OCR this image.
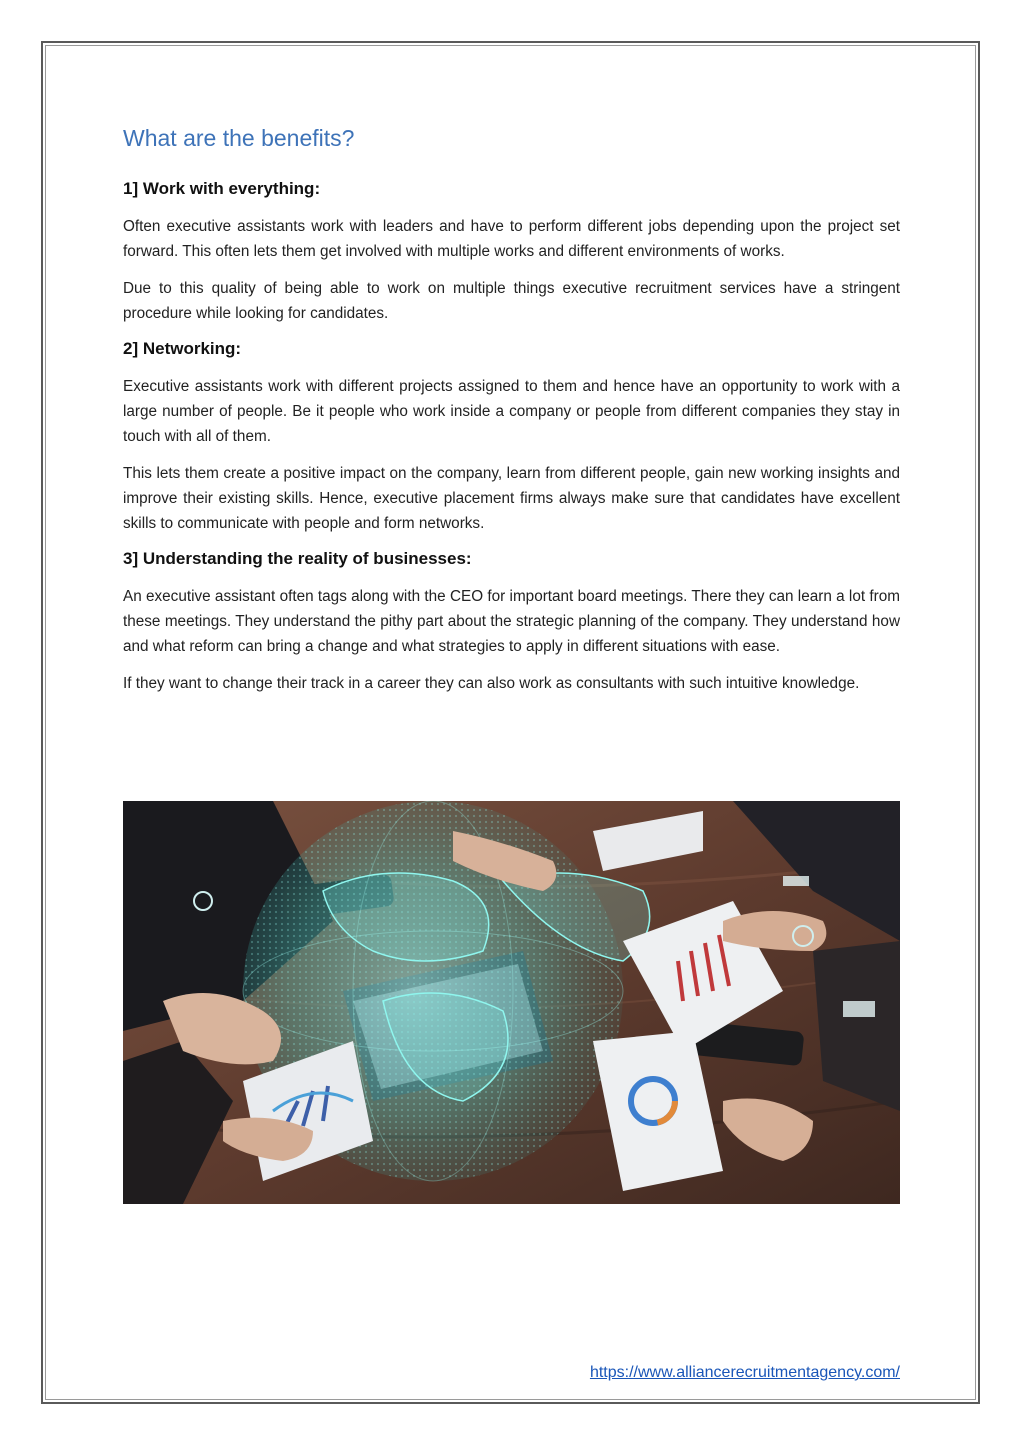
What are the benefits?
1] Work with everything:

Often executive assistants work with leaders and have to perform different jobs depending upon the project set forward. This often lets them get involved with multiple works and different environments of works.

Due to this quality of being able to work on multiple things executive recruitment services have a stringent procedure while looking for candidates.

2] Networking:

Executive assistants work with different projects assigned to them and hence have an opportunity to work with a large number of people. Be it people who work inside a company or people from different companies they stay in touch with all of them.

This lets them create a positive impact on the company, learn from different people, gain new working insights and improve their existing skills. Hence, executive placement firms always make sure that candidates have excellent skills to communicate with people and form networks.

3] Understanding the reality of businesses:

An executive assistant often tags along with the CEO for important board meetings. There they can learn a lot from these meetings. They understand the pithy part about the strategic planning of the company. They understand how and what reform can bring a change and what strategies to apply in different situations with ease.

If they want to change their track in a career they can also work as consultants with such intuitive knowledge.

https://www.alliancerecruitmentagency.com/
